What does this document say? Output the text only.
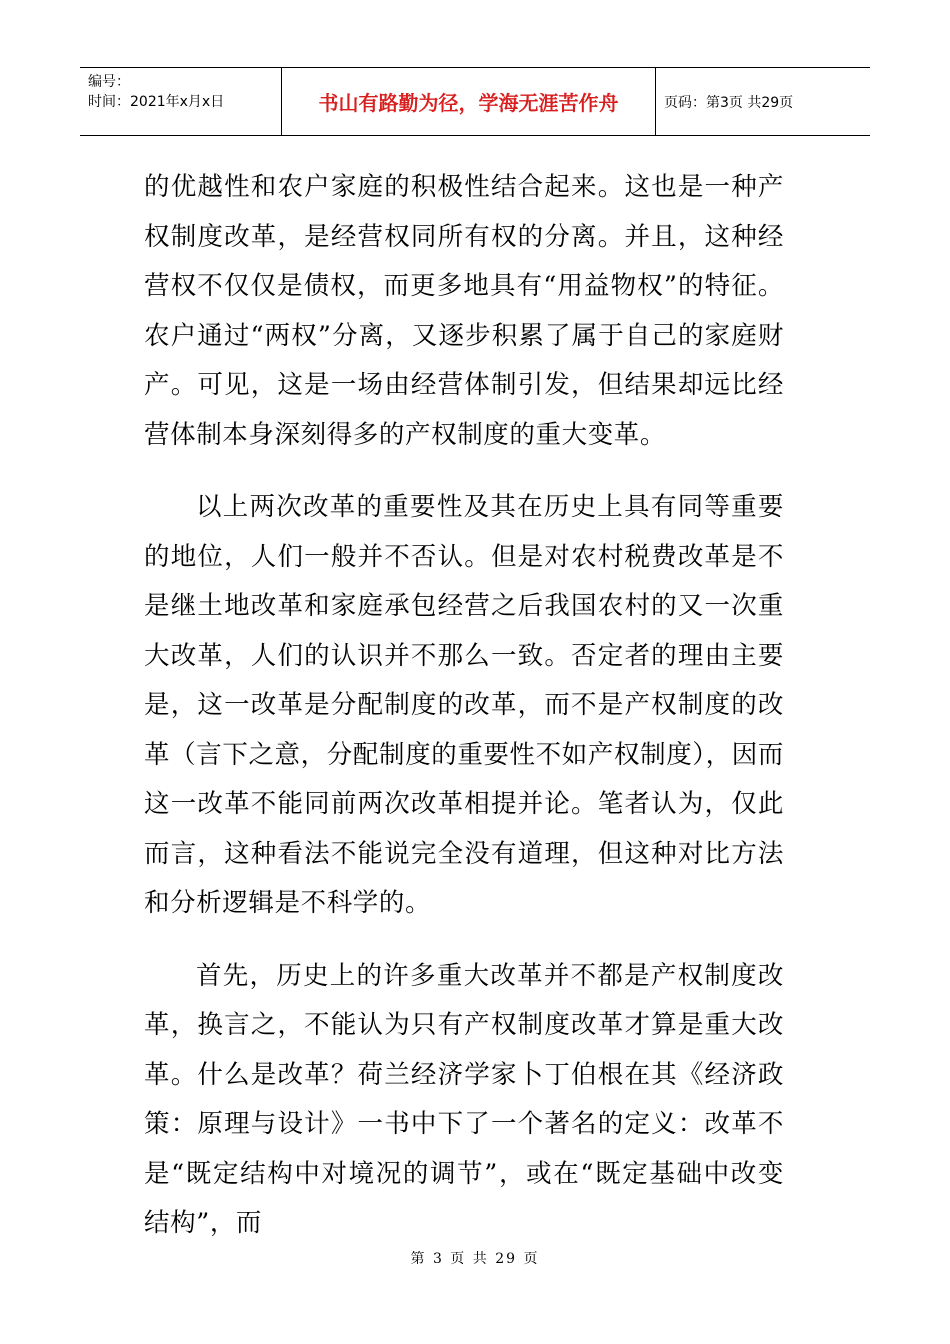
编号：
时间：2021年x月x日	书山有路勤为径，学海无涯苦作舟	页码：第3页 共29页

的优越性和农户家庭的积极性结合起来。这也是一种产权制度改革，是经营权同所有权的分离。并且，这种经营权不仅仅是债权，而更多地具有“用益物权”的特征。农户通过“两权”分离，又逐步积累了属于自己的家庭财产。可见，这是一场由经营体制引发，但结果却远比经营体制本身深刻得多的产权制度的重大变革。

以上两次改革的重要性及其在历史上具有同等重要的地位，人们一般并不否认。但是对农村税费改革是不是继土地改革和家庭承包经营之后我国农村的又一次重大改革，人们的认识并不那么一致。否定者的理由主要是，这一改革是分配制度的改革，而不是产权制度的改革（言下之意，分配制度的重要性不如产权制度），因而这一改革不能同前两次改革相提并论。笔者认为，仅此而言，这种看法不能说完全没有道理，但这种对比方法和分析逻辑是不科学的。

首先，历史上的许多重大改革并不都是产权制度改革，换言之，不能认为只有产权制度改革才算是重大改革。什么是改革？荷兰经济学家卜丁伯根在其《经济政策：原理与设计》一书中下了一个著名的定义：改革不是“既定结构中对境况的调节”，或在“既定基础中改变结构”，而

第 3 页 共 29 页
